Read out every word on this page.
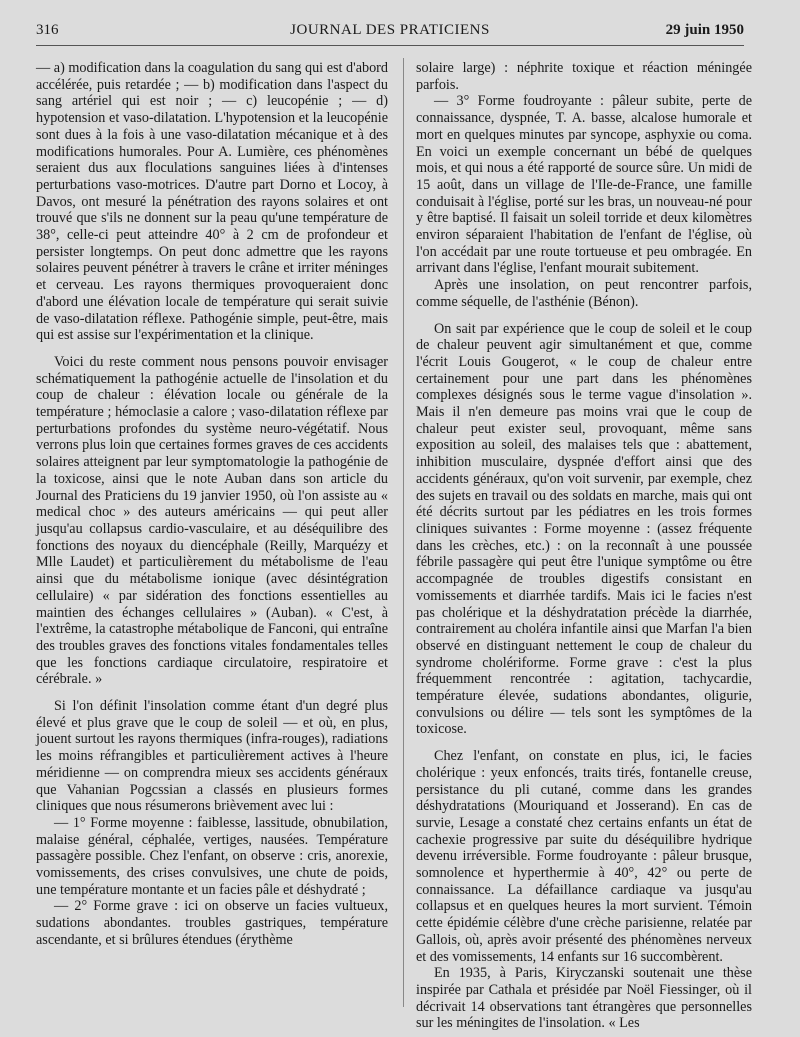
316	JOURNAL DES PRATICIENS	29 juin 1950

— a) modification dans la coagulation du sang qui est d'abord accélérée, puis retardée ; — b) modification dans l'aspect du sang artériel qui est noir ; — c) leucopénie ; — d) hypotension et vaso-dilatation. L'hypotension et la leucopénie sont dues à la fois à une vaso-dilatation mécanique et à des modifications humorales. Pour A. Lumière, ces phénomènes seraient dus aux floculations sanguines liées à d'intenses perturbations vaso-motrices. D'autre part Dorno et Locoy, à Davos, ont mesuré la pénétration des rayons solaires et ont trouvé que s'ils ne donnent sur la peau qu'une température de 38°, celle-ci peut atteindre 40° à 2 cm de profondeur et persister longtemps. On peut donc admettre que les rayons solaires peuvent pénétrer à travers le crâne et irriter méninges et cerveau. Les rayons thermiques provoqueraient donc d'abord une élévation locale de température qui serait suivie de vaso-dilatation réflexe. Pathogénie simple, peut-être, mais qui est assise sur l'expérimentation et la clinique.

Voici du reste comment nous pensons pouvoir envisager schématiquement la pathogénie actuelle de l'insolation et du coup de chaleur : élévation locale ou générale de la température ; hémoclasie a calore ; vaso-dilatation réflexe par perturbations profondes du système neuro-végétatif. Nous verrons plus loin que certaines formes graves de ces accidents solaires atteignent par leur symptomatologie la pathogénie de la toxicose, ainsi que le note Auban dans son article du Journal des Praticiens du 19 janvier 1950, où l'on assiste au « medical choc » des auteurs américains — qui peut aller jusqu'au collapsus cardio-vasculaire, et au déséquilibre des fonctions des noyaux du diencéphale (Reilly, Marquézy et Mlle Laudet) et particulièrement du métabolisme de l'eau ainsi que du métabolisme ionique (avec désintégration cellulaire) « par sidération des fonctions essentielles au maintien des échanges cellulaires » (Auban). « C'est, à l'extrême, la catastrophe métabolique de Fanconi, qui entraîne des troubles graves des fonctions vitales fondamentales telles que les fonctions cardiaque circulatoire, respiratoire et cérébrale. »

Si l'on définit l'insolation comme étant d'un degré plus élevé et plus grave que le coup de soleil — et où, en plus, jouent surtout les rayons thermiques (infra-rouges), radiations les moins réfrangibles et particulièrement actives à l'heure méridienne — on comprendra mieux ses accidents généraux que Vahanian Pogcssian a classés en plusieurs formes cliniques que nous résumerons brièvement avec lui :

— 1° Forme moyenne : faiblesse, lassitude, obnubilation, malaise général, céphalée, vertiges, nausées. Température passagère possible. Chez l'enfant, on observe : cris, anorexie, vomissements, des crises convulsives, une chute de poids, une température montante et un facies pâle et déshydraté ;

— 2° Forme grave : ici on observe un facies vultueux, sudations abondantes. troubles gastriques, température ascendante, et si brûlures étendues (érythème

solaire large) : néphrite toxique et réaction méningée parfois.

— 3° Forme foudroyante : pâleur subite, perte de connaissance, dyspnée, T. A. basse, alcalose humorale et mort en quelques minutes par syncope, asphyxie ou coma. En voici un exemple concernant un bébé de quelques mois, et qui nous a été rapporté de source sûre. Un midi de 15 août, dans un village de l'Ile-de-France, une famille conduisait à l'église, porté sur les bras, un nouveau-né pour y être baptisé. Il faisait un soleil torride et deux kilomètres environ séparaient l'habitation de l'enfant de l'église, où l'on accédait par une route tortueuse et peu ombragée. En arrivant dans l'église, l'enfant mourait subitement.

Après une insolation, on peut rencontrer parfois, comme séquelle, de l'asthénie (Bénon).

On sait par expérience que le coup de soleil et le coup de chaleur peuvent agir simultanément et que, comme l'écrit Louis Gougerot, « le coup de chaleur entre certainement pour une part dans les phénomènes complexes désignés sous le terme vague d'insolation ». Mais il n'en demeure pas moins vrai que le coup de chaleur peut exister seul, provoquant, même sans exposition au soleil, des malaises tels que : abattement, inhibition musculaire, dyspnée d'effort ainsi que des accidents généraux, qu'on voit survenir, par exemple, chez des sujets en travail ou des soldats en marche, mais qui ont été décrits surtout par les pédiatres en les trois formes cliniques suivantes : Forme moyenne : (assez fréquente dans les crèches, etc.) : on la reconnaît à une poussée fébrile passagère qui peut être l'unique symptôme ou être accompagnée de troubles digestifs consistant en vomissements et diarrhée tardifs. Mais ici le facies n'est pas cholérique et la déshydratation précède la diarrhée, contrairement au choléra infantile ainsi que Marfan l'a bien observé en distinguant nettement le coup de chaleur du syndrome cholériforme. Forme grave : c'est la plus fréquemment rencontrée : agitation, tachycardie, température élevée, sudations abondantes, oligurie, convulsions ou délire — tels sont les symptômes de la toxicose.

Chez l'enfant, on constate en plus, ici, le facies cholérique : yeux enfoncés, traits tirés, fontanelle creuse, persistance du pli cutané, comme dans les grandes déshydratations (Mouriquand et Josserand). En cas de survie, Lesage a constaté chez certains enfants un état de cachexie progressive par suite du déséquilibre hydrique devenu irréversible. Forme foudroyante : pâleur brusque, somnolence et hyperthermie à 40°, 42° ou perte de connaissance. La défaillance cardiaque va jusqu'au collapsus et en quelques heures la mort survient. Témoin cette épidémie célèbre d'une crèche parisienne, relatée par Gallois, où, après avoir présenté des phénomènes nerveux et des vomissements, 14 enfants sur 16 succombèrent.

En 1935, à Paris, Kiryczanski soutenait une thèse inspirée par Cathala et présidée par Noël Fiessinger, où il décrivait 14 observations tant étrangères que personnelles sur les méningites de l'insolation. « Les
